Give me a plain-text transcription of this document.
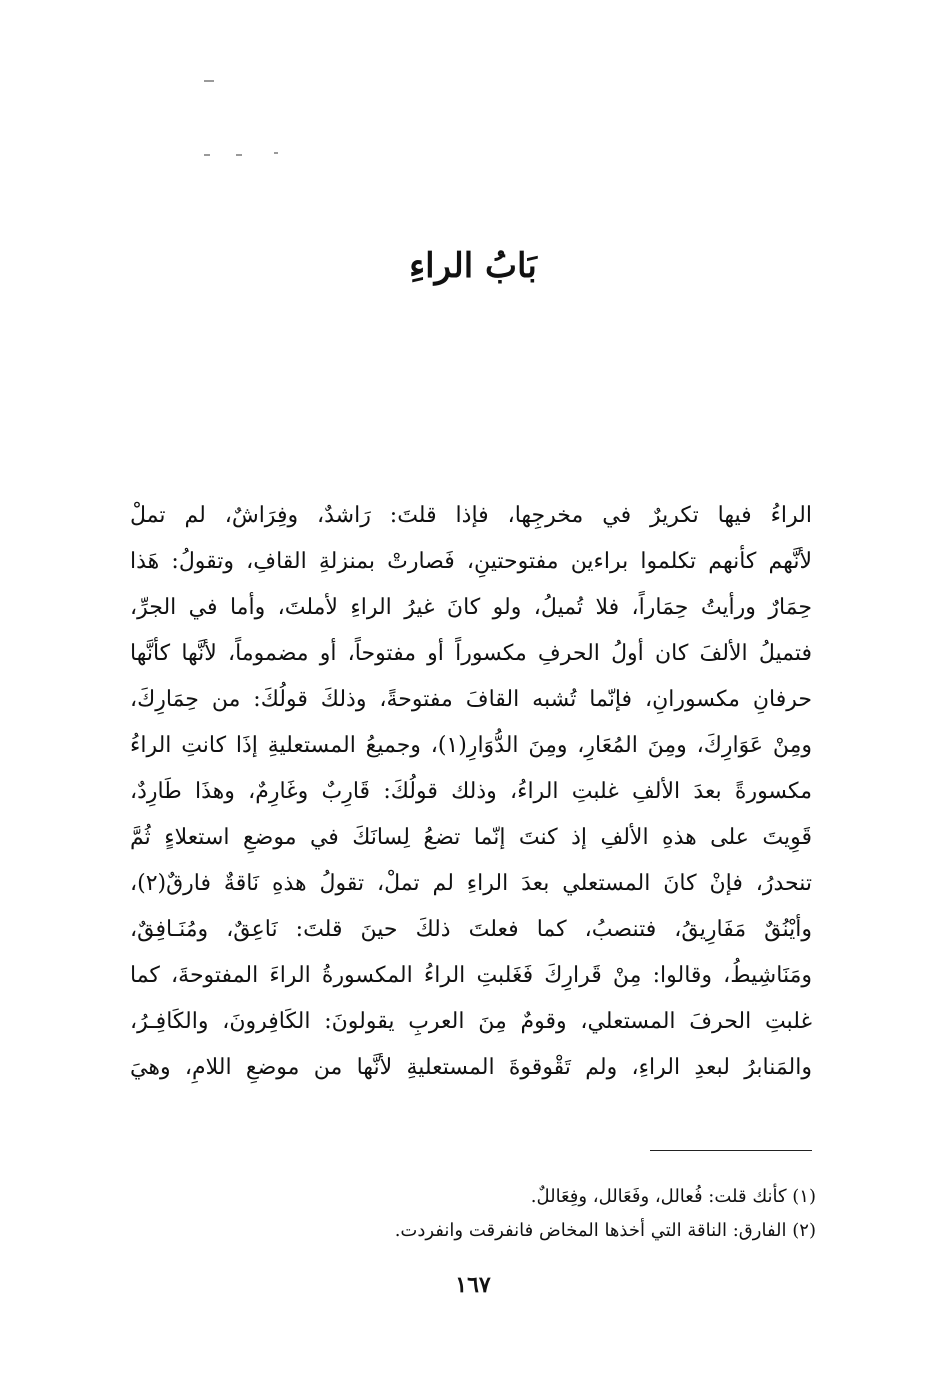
بَابُ الراءِ
الراءُ فيها تكريرٌ في مخرجِها، فإذا قلتَ: رَاشدٌ، وفِرَاشٌ، لم تملْ
لأنَّهم كأنهم تكلموا براءين مفتوحتينِ، فَصارتْ بمنزلةِ القافِ، وتقولُ: هَذا
حِمَارٌ ورأيتُ حِمَاراً، فلا تُميلُ، ولو كانَ غيرُ الراءِ لأملتَ، وأما في الجرِّ،
فتميلُ الألفَ كان أولُ الحرفِ مكسوراً أو مفتوحاً، أو مضموماً، لأنَّها كأنَّها
حرفانِ مكسورانِ، فإنّما تُشبه القافَ مفتوحةً، وذلكَ قولُكَ: من حِمَارِكَ،
ومِنْ عَوَارِكَ، ومِنَ المُعَارِ، ومِنَ الدُّوَارِ(١)، وجميعُ المستعليةِ إذَا كانتِ الراءُ
مكسورةً بعدَ الألفِ غلبتِ الراءُ، وذلك قولُكَ: قَارِبٌ وغَارِمٌ، وهذَا طَارِدٌ،
قَوِيتَ على هذهِ الألفِ إذ كنتَ إنّما تضعُ لِسانَكَ في موضعِ استعلاءٍ ثُمَّ
تنحدرُ، فإنْ كانَ المستعلي بعدَ الراءِ لم تملْ، تقولُ هذهِ نَاقةٌ فارقٌ(٢)،
وأيْنُقٌ مَفَارِيقُ، فتنصبُ، كما فعلتَ ذلكَ حينَ قلتَ: نَاعِقٌ، ومُنَـافِقٌ،
ومَنَاشِيطُ، وقالوا: مِنْ قَرارِكَ فَغَلبتِ الراءُ المكسورةُ الراءَ المفتوحةَ، كما
غلبتِ الحرفَ المستعلي، وقومٌ مِنَ العربِ يقولونَ: الكَافِرونَ، والكَافِـرُ،
والمَنابرُ لبعدِ الراءِ، ولم تَقْوقوةَ المستعليةِ لأنَّها من موضعِ اللامِ، وهيَ
(١) كأنك قلت: فُعالل، وفَعَالل، وفِعَاللٌ.
(٢) الفارق: الناقة التي أخذها المخاض فانفرقت وانفردت.
١٦٧
